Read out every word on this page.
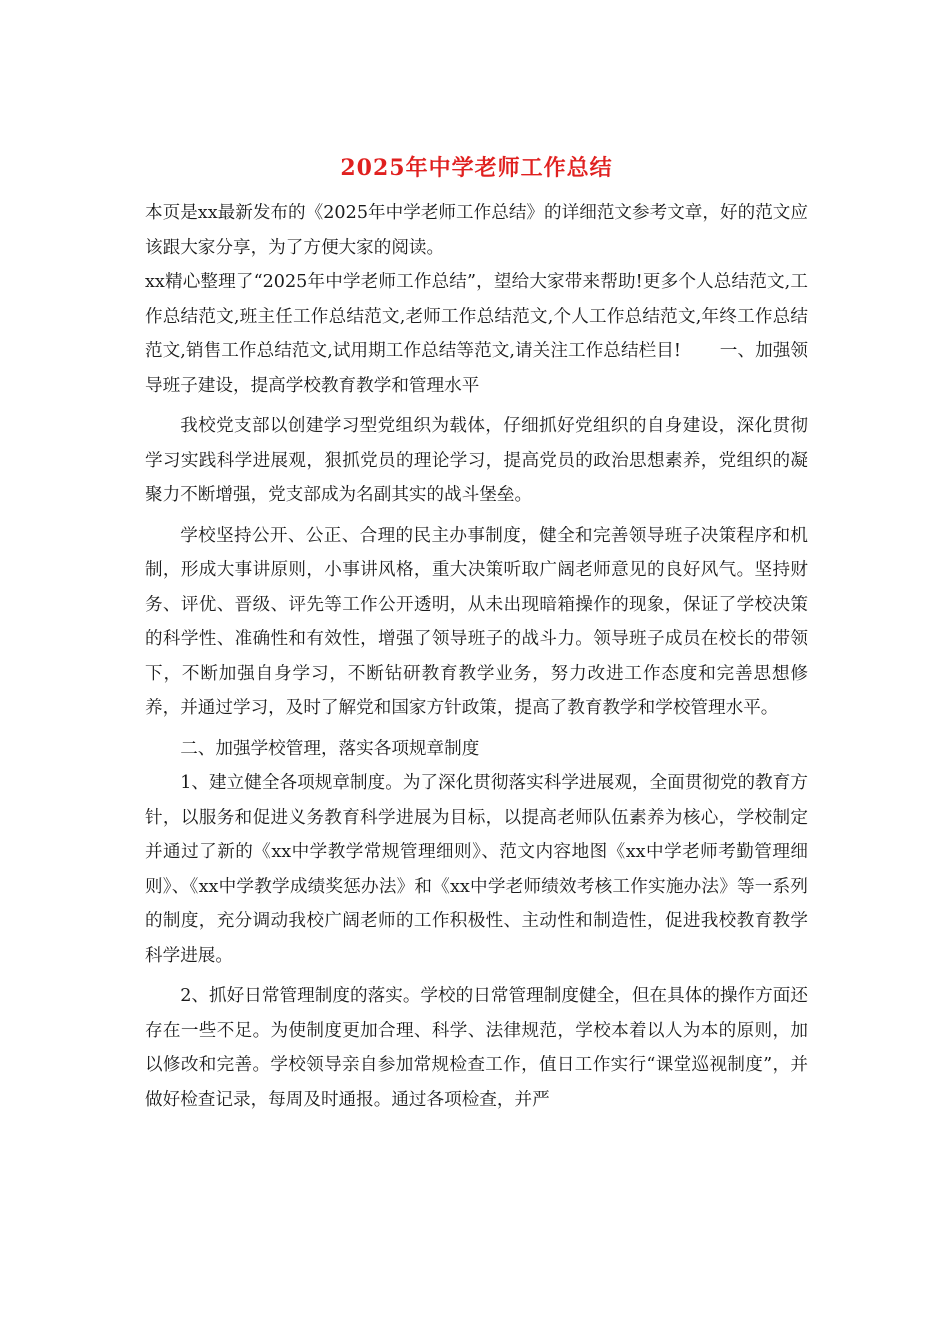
2025年中学老师工作总结

本页是xx最新发布的《2025年中学老师工作总结》的详细范文参考文章，好的范文应该跟大家分享，为了方便大家的阅读。

xx精心整理了“2025年中学老师工作总结”，望给大家带来帮助!更多个人总结范文,工作总结范文,班主任工作总结范文,老师工作总结范文,个人工作总结范文,年终工作总结范文,销售工作总结范文,试用期工作总结等范文,请关注工作总结栏目! 一、加强领导班子建设，提高学校教育教学和管理水平

我校党支部以创建学习型党组织为载体，仔细抓好党组织的自身建设，深化贯彻学习实践科学进展观，狠抓党员的理论学习，提高党员的政治思想素养，党组织的凝聚力不断增强，党支部成为名副其实的战斗堡垒。

学校坚持公开、公正、合理的民主办事制度，健全和完善领导班子决策程序和机制，形成大事讲原则，小事讲风格，重大决策听取广阔老师意见的良好风气。坚持财务、评优、晋级、评先等工作公开透明，从未出现暗箱操作的现象，保证了学校决策的科学性、准确性和有效性，增强了领导班子的战斗力。领导班子成员在校长的带领下，不断加强自身学习，不断钻研教育教学业务，努力改进工作态度和完善思想修养，并通过学习，及时了解党和国家方针政策，提高了教育教学和学校管理水平。

二、加强学校管理，落实各项规章制度

1、建立健全各项规章制度。为了深化贯彻落实科学进展观，全面贯彻党的教育方针，以服务和促进义务教育科学进展为目标，以提高老师队伍素养为核心，学校制定并通过了新的《xx中学教学常规管理细则》、范文内容地图《xx中学老师考勤管理细则》、《xx中学教学成绩奖惩办法》和《xx中学老师绩效考核工作实施办法》等一系列的制度，充分调动我校广阔老师的工作积极性、主动性和制造性，促进我校教育教学科学进展。

2、抓好日常管理制度的落实。学校的日常管理制度健全，但在具体的操作方面还存在一些不足。为使制度更加合理、科学、法律规范，学校本着以人为本的原则，加以修改和完善。学校领导亲自参加常规检查工作，值日工作实行“课堂巡视制度”，并做好检查记录，每周及时通报。通过各项检查，并严
